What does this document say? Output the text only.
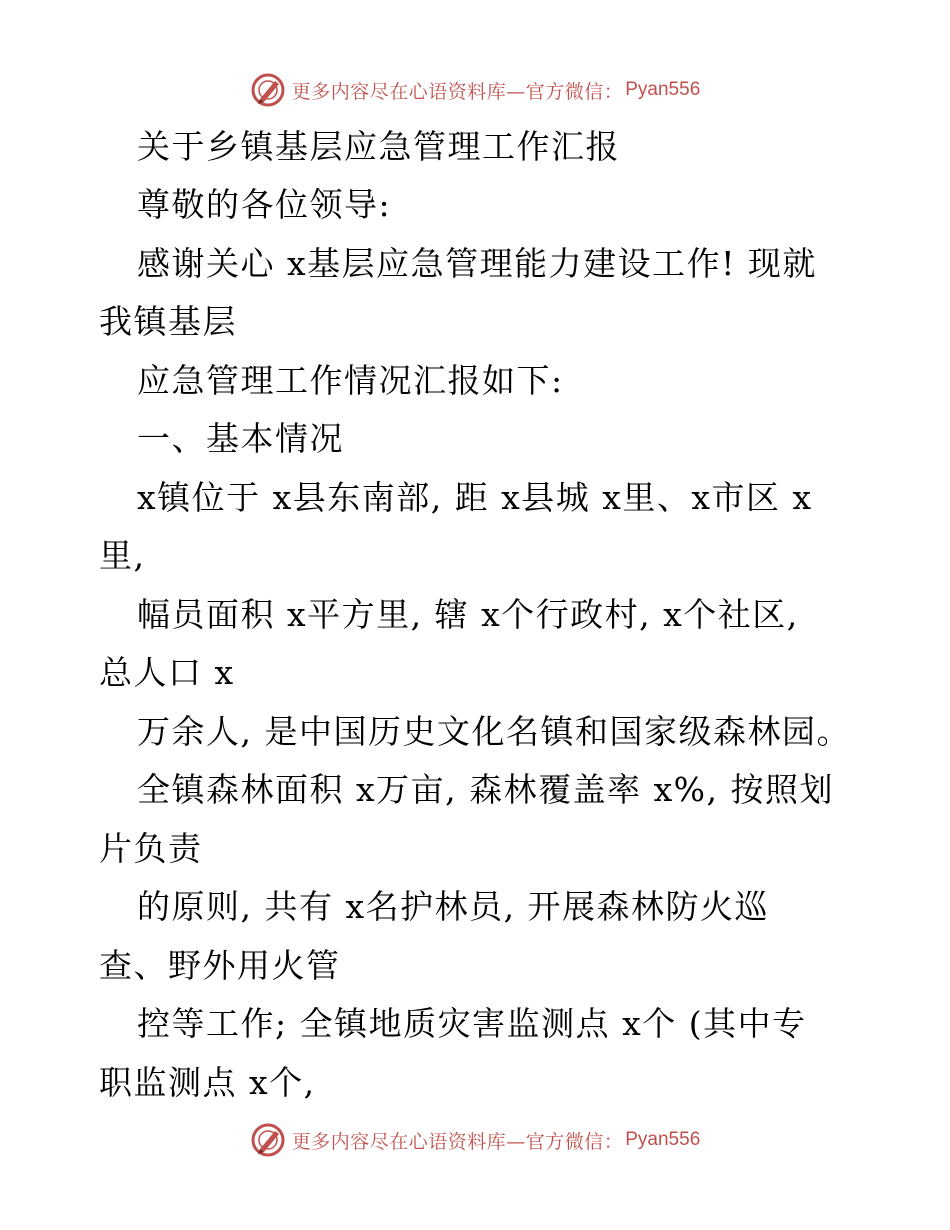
更多内容尽在心语资料库—官方微信： Pyan556

关于乡镇基层应急管理工作汇报

尊敬的各位领导:

感谢关心 x基层应急管理能力建设工作! 现就

我镇基层

应急管理工作情况汇报如下:

一、基本情况

x镇位于 x县东南部, 距 x县城 x里、x市区 x

里,

幅员面积 x平方里, 辖 x个行政村, x个社区,

总人口 x

万余人, 是中国历史文化名镇和国家级森林园。

全镇森林面积 x万亩, 森林覆盖率 x%, 按照划

片负责

的原则, 共有 x名护林员, 开展森林防火巡

查、野外用火管

控等工作; 全镇地质灾害监测点 x个 (其中专

职监测点 x个,

更多内容尽在心语资料库—官方微信： Pyan556
